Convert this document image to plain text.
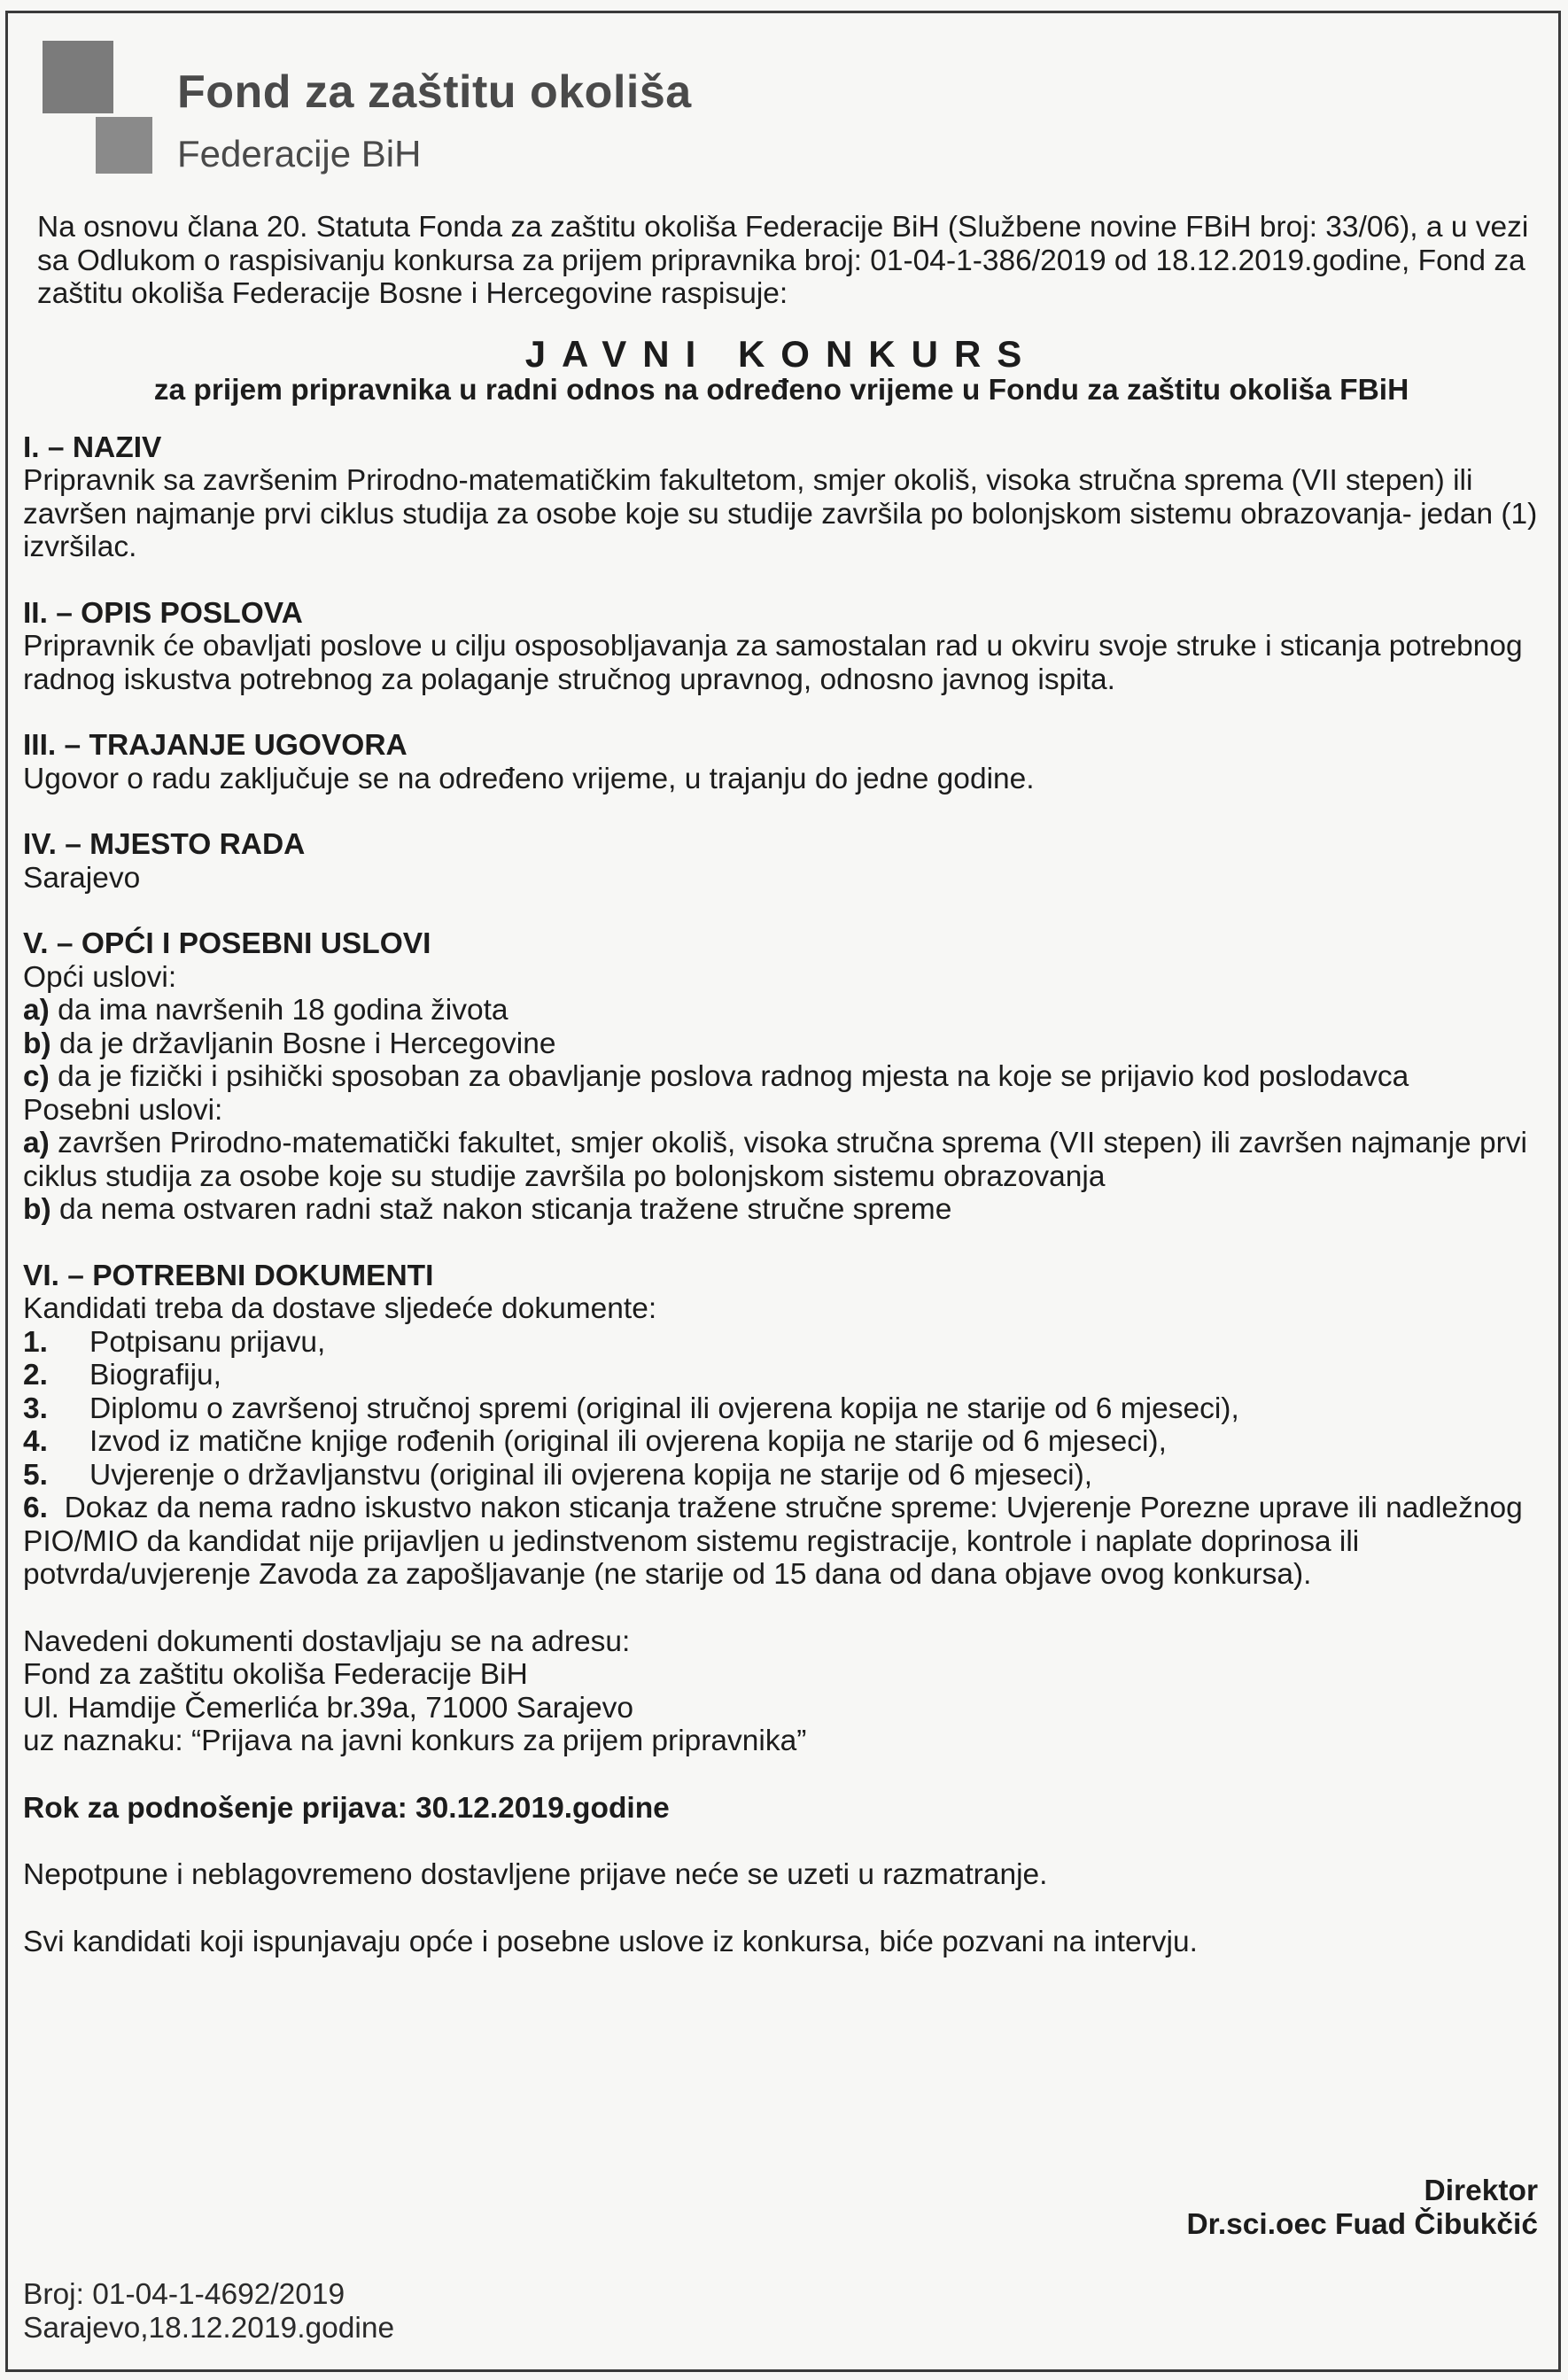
Fond za zaštitu okoliša
Federacije BiH

Na osnovu člana 20. Statuta Fonda za zaštitu okoliša Federacije BiH (Službene novine FBiH broj: 33/06), a u vezi sa Odlukom o raspisivanju konkursa za prijem pripravnika broj: 01-04-1-386/2019 od 18.12.2019.godine, Fond za zaštitu okoliša Federacije Bosne i Hercegovine raspisuje:

JAVNI KONKURS
za prijem pripravnika u radni odnos na određeno vrijeme u Fondu za zaštitu okoliša FBiH
I. – NAZIV

Pripravnik sa završenim Prirodno-matematičkim fakultetom, smjer okoliš, visoka stručna sprema (VII stepen) ili završen najmanje prvi ciklus studija za osobe koje su studije završila po bolonjskom sistemu obrazovanja- jedan (1) izvršilac.

II. – OPIS POSLOVA

Pripravnik će obavljati poslove u cilju osposobljavanja za samostalan rad u okviru svoje struke i sticanja potrebnog radnog iskustva potrebnog za polaganje stručnog upravnog, odnosno javnog ispita.

III. – TRAJANJE UGOVORA

Ugovor o radu zaključuje se na određeno vrijeme, u trajanju do jedne godine.

IV. – MJESTO RADA

Sarajevo

V. – OPĆI I POSEBNI USLOVI
Opći uslovi:

a) da ima navršenih 18 godina života

b) da je državljanin Bosne i Hercegovine

c) da je fizički i psihički sposoban za obavljanje poslova radnog mjesta na koje se prijavio kod poslodavca

Posebni uslovi:

a) završen Prirodno-matematički fakultet, smjer okoliš, visoka stručna sprema (VII stepen) ili završen najmanje prvi ciklus studija za osobe koje su studije završila po bolonjskom sistemu obrazovanja

b) da nema ostvaren radni staž nakon sticanja tražene stručne spreme

VI. – POTREBNI DOKUMENTI
Kandidati treba da dostave sljedeće dokumente:
1.	Potpisanu prijavu,
2.	Biografiju,
3.	Diplomu o završenoj stručnoj spremi (original ili ovjerena kopija ne starije od 6 mjeseci),
4.	Izvod iz matične knjige rođenih (original ili ovjerena kopija ne starije od 6 mjeseci),
5.	Uvjerenje o državljanstvu (original ili ovjerena kopija ne starije od 6 mjeseci),

6. Dokaz da nema radno iskustvo nakon sticanja tražene stručne spreme: Uvjerenje Porezne uprave ili nadležnog PIO/MIO da kandidat nije prijavljen u jedinstvenom sistemu registracije, kontrole i naplate doprinosa ili potvrda/uvjerenje Zavoda za zapošljavanje (ne starije od 15 dana od dana objave ovog konkursa).

Navedeni dokumenti dostavljaju se na adresu:
Fond za zaštitu okoliša Federacije BiH
Ul. Hamdije Čemerlića br.39a, 71000 Sarajevo
uz naznaku: “Prijava na javni konkurs za prijem pripravnika”
Rok za podnošenje prijava: 30.12.2019.godine

Nepotpune i neblagovremeno dostavljene prijave neće se uzeti u razmatranje.

Svi kandidati koji ispunjavaju opće i posebne uslove iz konkursa, biće pozvani na intervju.

Direktor
Dr.sci.oec Fuad Čibukčić
Broj: 01-04-1-4692/2019
Sarajevo,18.12.2019.godine
